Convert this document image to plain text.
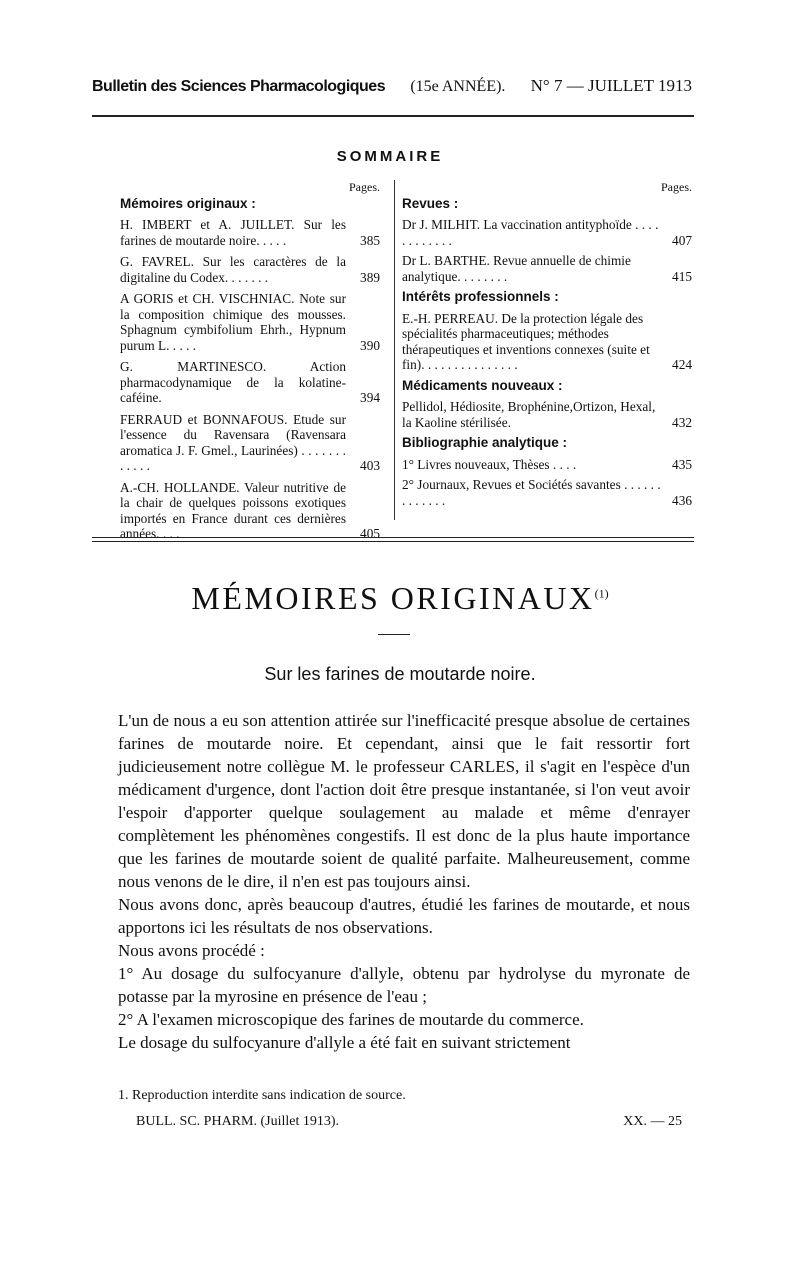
Bulletin des Sciences Pharmacologiques (15e ANNÉE). N° 7 — JUILLET 1913
SOMMAIRE
Pages.
Mémoires originaux :
H. IMBERT et A. JUILLET. Sur les farines de moutarde noire. . . . .	385
G. FAVREL. Sur les caractères de la digitaline du Codex. . . . . . .	389
A GORIS et CH. VISCHNIAC. Note sur la composition chimique des mousses. Sphagnum cymbifolium Ehrh., Hypnum purum L. . . . .	390
G. MARTINESCO. Action pharmacodynamique de la kolatine-caféine.	394
FERRAUD et BONNAFOUS. Etude sur l'essence du Ravensara (Ravensara aromatica J. F. Gmel., Laurinées) . . . . . . . . . . . .	403
A.-CH. HOLLANDE. Valeur nutritive de la chair de quelques poissons exotiques importés en France durant ces dernières années. . . .	405
Pages.
Revues :
Dr J. MILHIT. La vaccination antityphoïde . . . . . . . . . . . .	407
Dr L. BARTHE. Revue annuelle de chimie analytique. . . . . . . .	415
Intérêts professionnels :
E.-H. PERREAU. De la protection légale des spécialités pharmaceutiques; méthodes thérapeutiques et inventions connexes (suite et fin). . . . . . . . . . . . . . .	424
Médicaments nouveaux :
Pellidol, Hédiosite, Brophénine,Ortizon, Hexal, la Kaoline stérilisée.	432
Bibliographie analytique :
1° Livres nouveaux, Thèses . . . .	435
2° Journaux, Revues et Sociétés savantes . . . . . . . . . . . . .	436
MÉMOIRES ORIGINAUX$^{(1)}$
Sur les farines de moutarde noire.

L'un de nous a eu son attention attirée sur l'inefficacité presque absolue de certaines farines de moutarde noire. Et cependant, ainsi que le fait ressortir fort judicieusement notre collègue M. le professeur CARLES, il s'agit en l'espèce d'un médicament d'urgence, dont l'action doit être presque instantanée, si l'on veut avoir l'espoir d'apporter quelque soulagement au malade et même d'enrayer complètement les phénomènes congestifs. Il est donc de la plus haute importance que les farines de moutarde soient de qualité parfaite. Malheureusement, comme nous venons de le dire, il n'en est pas toujours ainsi.

Nous avons donc, après beaucoup d'autres, étudié les farines de moutarde, et nous apportons ici les résultats de nos observations.

Nous avons procédé :

1° Au dosage du sulfocyanure d'allyle, obtenu par hydrolyse du myronate de potasse par la myrosine en présence de l'eau ;

2° A l'examen microscopique des farines de moutarde du commerce.

Le dosage du sulfocyanure d'allyle a été fait en suivant strictement

1. Reproduction interdite sans indication de source.
BULL. SC. PHARM. (Juillet 1913).	XX. — 25
